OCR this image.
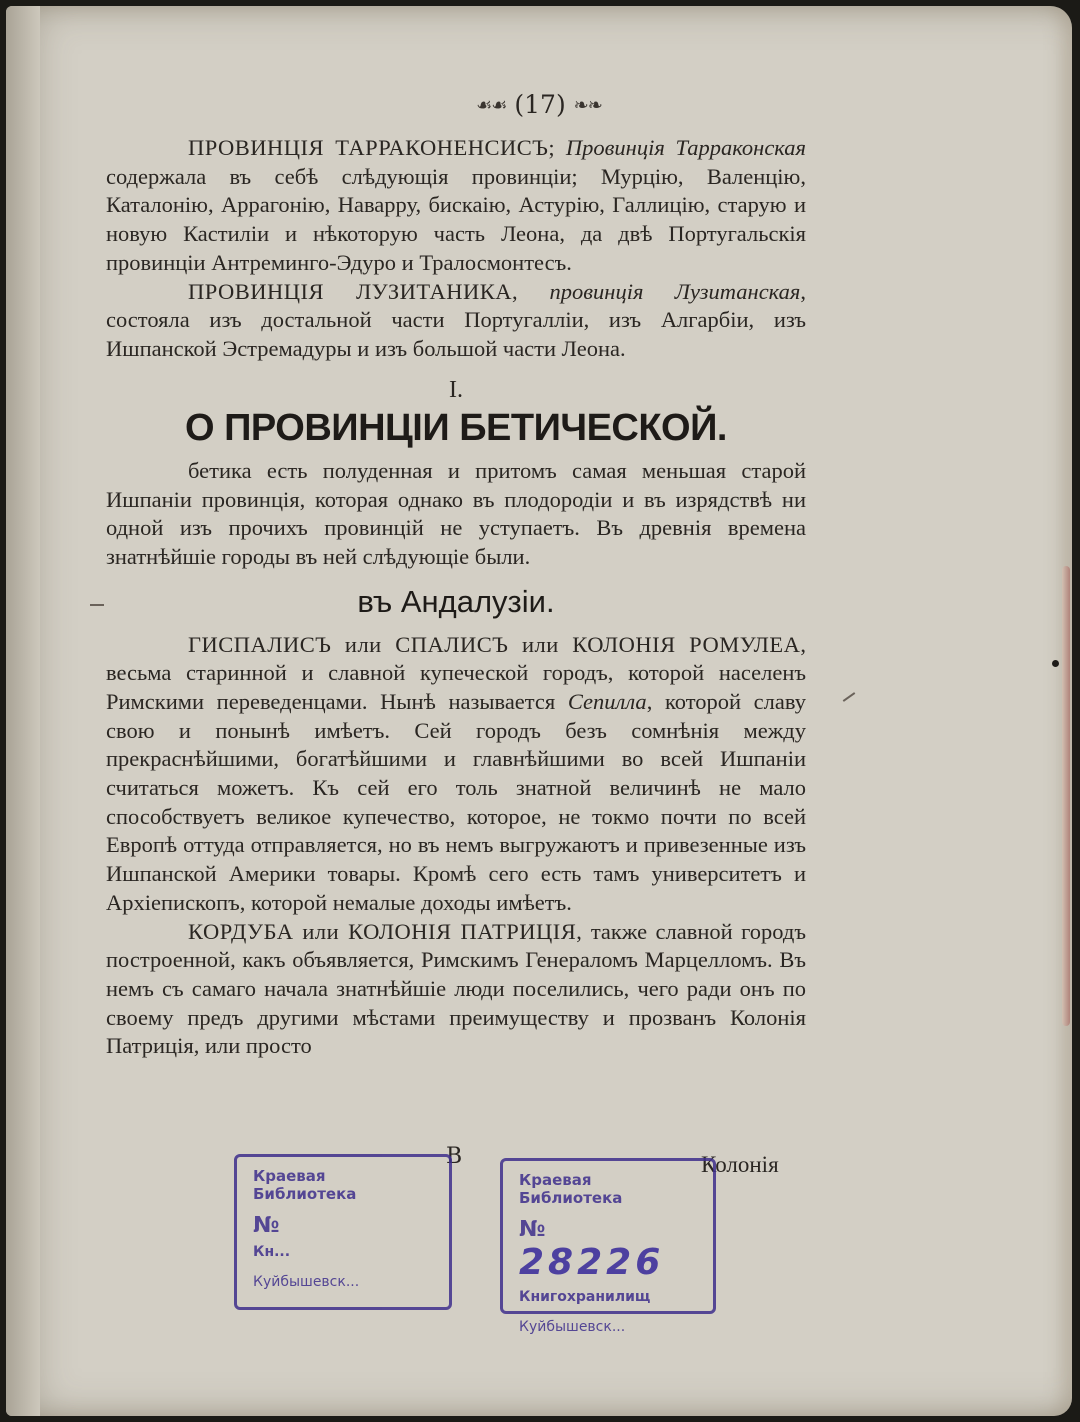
☙☙ (17) ❧❧

ПРОВИНЦІЯ ТАРРАКОНЕНСИСЪ; Провинція Тарраконская содержала въ себѣ слѣдующія провинціи; Мурцію, Валенцію, Каталонію, Аррагонію, Наварру, бискаію, Астурію, Галлицію, старую и новую Кастиліи и нѣкоторую часть Леона, да двѣ Португальскія провинціи Антреминго-Эдуро и Тралосмонтесъ.

ПРОВИНЦІЯ ЛУЗИТАНИКА, провинція Лузитанская, состояла изъ достальной части Португалліи, изъ Алгарбіи, изъ Ишпанской Эстремадуры и изъ большой части Леона.

I.
О ПРОВИНЦІИ БЕТИЧЕСКОЙ.

бетика есть полуденная и притомъ самая меньшая старой Ишпаніи провинція, которая однако въ плодородіи и въ изрядствѣ ни одной изъ прочихъ провинцій не уступаетъ. Въ древнія времена знатнѣйшіе городы въ ней слѣдующіе были.

въ Андалузіи.

ГИСПАЛИСЪ или СПАЛИСЪ или КОЛОНІЯ РОМУЛЕА, весьма старинной и славной купеческой городъ, которой населенъ Римскими переведенцами. Нынѣ называется Сепилла, которой славу свою и понынѣ имѣетъ. Сей городъ безъ сомнѣнія между прекраснѣйшими, богатѣйшими и главнѣйшими во всей Ишпаніи считаться можетъ. Къ сей его толь знатной величинѣ не мало способствуетъ великое купечество, которое, не токмо почти по всей Европѣ оттуда отправляется, но въ немъ выгружаютъ и привезенные изъ Ишпанской Америки товары. Кромѣ сего есть тамъ университетъ и Архіепископъ, которой немалые доходы имѣетъ.

КОРДУБА или КОЛОНІЯ ПАТРИЦІЯ, также славной городъ построенной, какъ объявляется, Римскимъ Генераломъ Марцелломъ. Въ немъ съ самаго начала знатнѣйшіе люди поселились, чего ради онъ по своему предъ другими мѣстами преимуществу и прозванъ Колонія Патриція, или просто

В	Колонія
Краевая Библиотека
№
Кн...
Куйбышевск...
Краевая Библиотека
№ 28226
Книгохранилищ
Куйбышевск...
